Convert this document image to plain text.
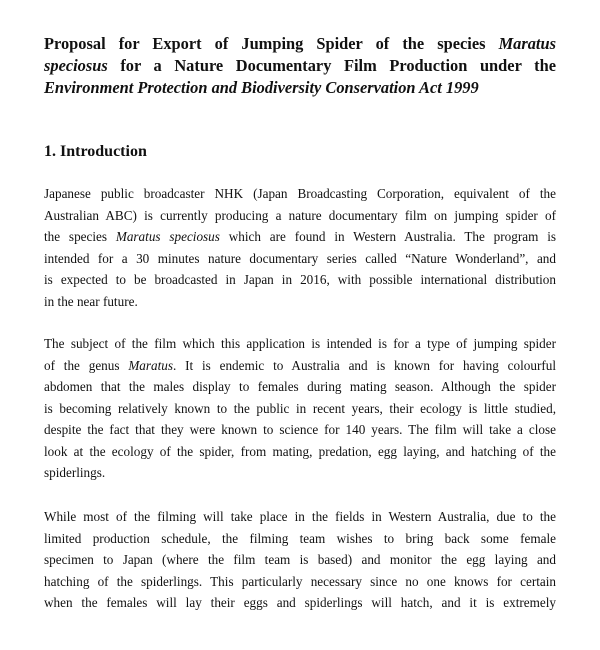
Proposal for Export of Jumping Spider of the species Maratus
speciosus for a Nature Documentary Film Production under the
Environment Protection and Biodiversity Conservation Act 1999
1. Introduction

Japanese public broadcaster NHK (Japan Broadcasting Corporation, equivalent of the
Australian ABC) is currently producing a nature documentary film on jumping spider of
the species Maratus speciosus which are found in Western Australia. The program is
intended for a 30 minutes nature documentary series called “Nature Wonderland”, and
is expected to be broadcasted in Japan in 2016, with possible international distribution
in the near future.

The subject of the film which this application is intended is for a type of jumping spider
of the genus Maratus. It is endemic to Australia and is known for having colourful
abdomen that the males display to females during mating season. Although the spider
is becoming relatively known to the public in recent years, their ecology is little studied,
despite the fact that they were known to science for 140 years. The film will take a close
look at the ecology of the spider, from mating, predation, egg laying, and hatching of the
spiderlings.

While most of the filming will take place in the fields in Western Australia, due to the
limited production schedule, the filming team wishes to bring back some female
specimen to Japan (where the film team is based) and monitor the egg laying and
hatching of the spiderlings. This particularly necessary since no one knows for certain
when the females will lay their eggs and spiderlings will hatch, and it is extremely
